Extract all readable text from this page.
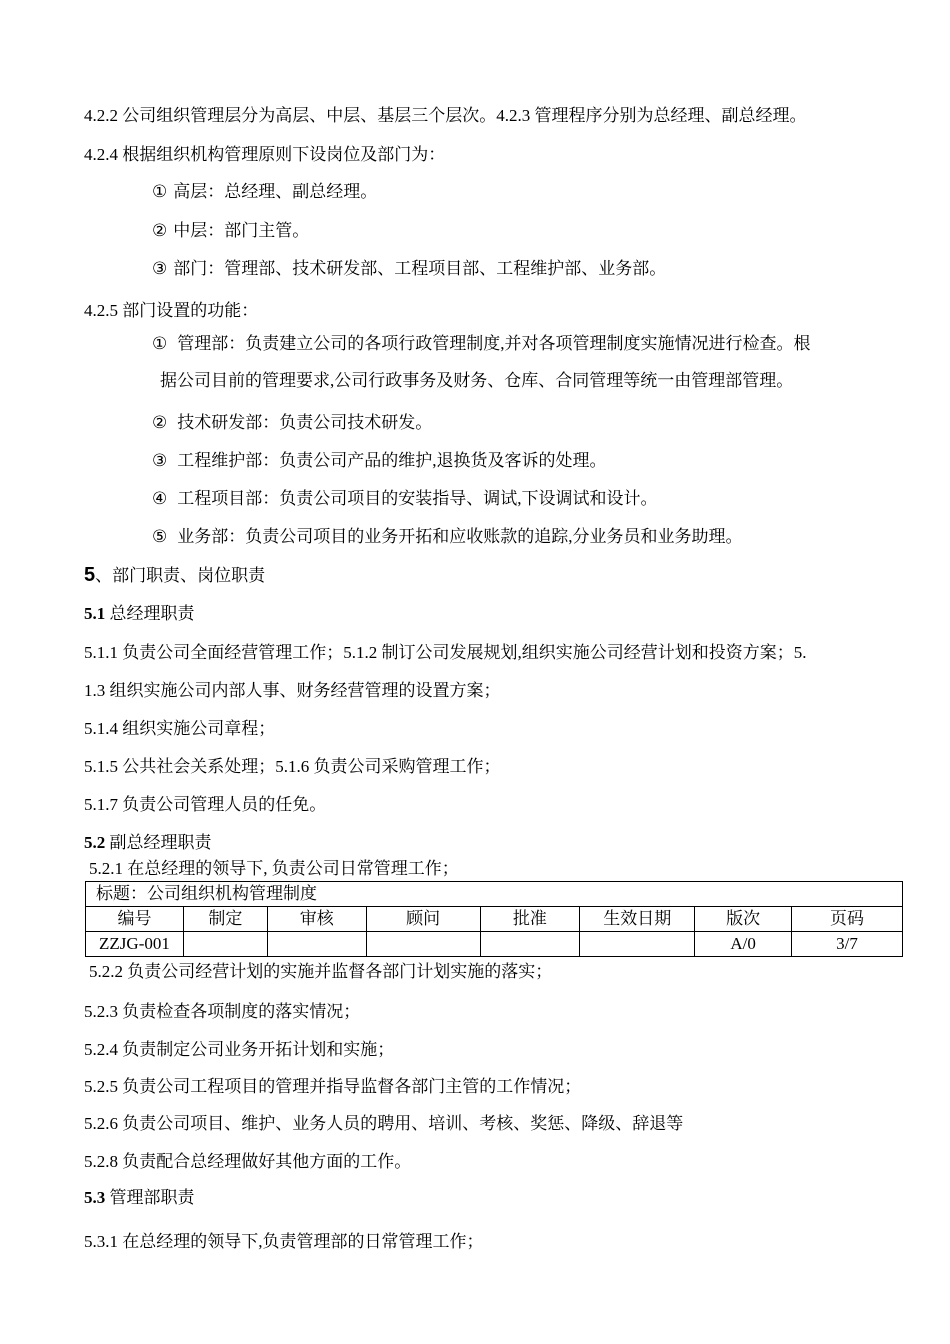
4.2.2 公司组织管理层分为高层、中层、基层三个层次。4.2.3 管理程序分别为总经理、副总经理。
4.2.4 根据组织机构管理原则下设岗位及部门为：
① 高层：总经理、副总经理。
② 中层：部门主管。
③ 部门：管理部、技术研发部、工程项目部、工程维护部、业务部。
4.2.5 部门设置的功能：
① 管理部：负责建立公司的各项行政管理制度,并对各项管理制度实施情况进行检查。根
据公司目前的管理要求,公司行政事务及财务、仓库、合同管理等统一由管理部管理。
② 技术研发部：负责公司技术研发。
③ 工程维护部：负责公司产品的维护,退换货及客诉的处理。
④ 工程项目部：负责公司项目的安装指导、调试,下设调试和设计。
⑤ 业务部：负责公司项目的业务开拓和应收账款的追踪,分业务员和业务助理。
5、部门职责、岗位职责
5.1 总经理职责
5.1.1 负责公司全面经营管理工作；5.1.2 制订公司发展规划,组织实施公司经营计划和投资方案；5.
1.3 组织实施公司内部人事、财务经营管理的设置方案；
5.1.4 组织实施公司章程；
5.1.5 公共社会关系处理；5.1.6 负责公司采购管理工作；
5.1.7 负责公司管理人员的任免。
5.2 副总经理职责
5.2.1 在总经理的领导下, 负责公司日常管理工作；
标题：公司组织机构管理制度							
编号	制定	审核	顾问	批准	生效日期	版次	页码
ZZJG-001						A/0	3/7
5.2.2 负责公司经营计划的实施并监督各部门计划实施的落实；
5.2.3 负责检查各项制度的落实情况；
5.2.4 负责制定公司业务开拓计划和实施；
5.2.5 负责公司工程项目的管理并指导监督各部门主管的工作情况；
5.2.6 负责公司项目、维护、业务人员的聘用、培训、考核、奖惩、降级、辞退等
5.2.8 负责配合总经理做好其他方面的工作。
5.3 管理部职责
5.3.1 在总经理的领导下,负责管理部的日常管理工作；
